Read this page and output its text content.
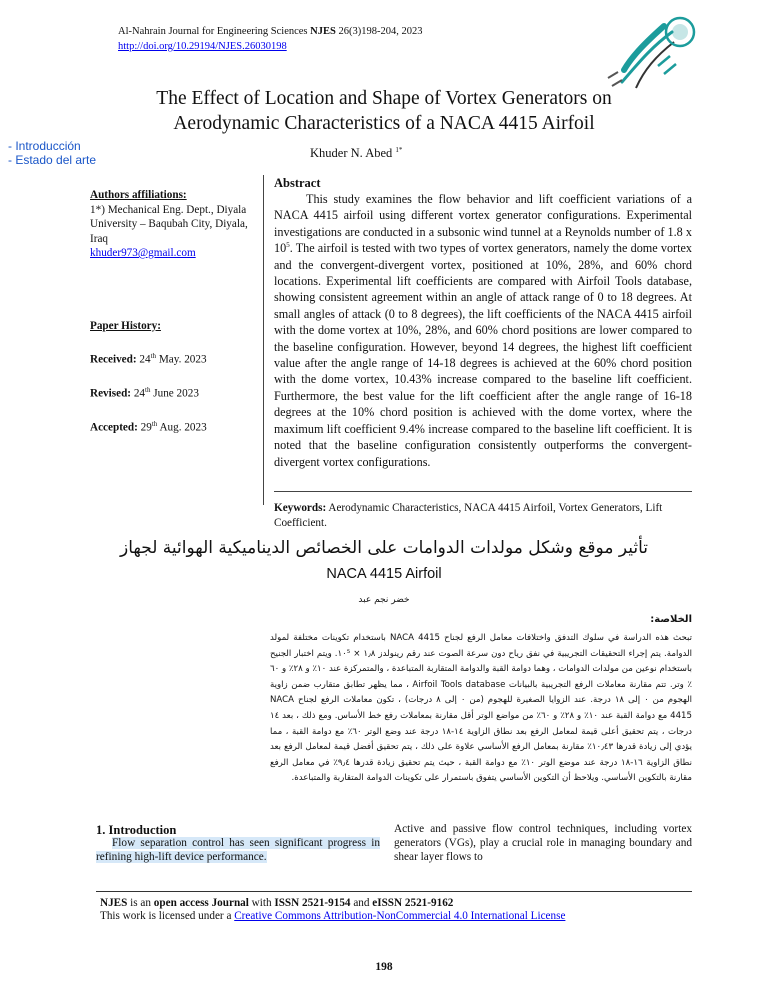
Al-Nahrain Journal for Engineering Sciences NJES 26(3)198-204, 2023
http://doi.org/10.29194/NJES.26030198
The Effect of Location and Shape of Vortex Generators on
Aerodynamic Characteristics of a NACA 4415 Airfoil
- Introducción
- Estado del arte	Khuder N. Abed $^{1*}$
Authors affiliations:
1*) Mechanical Eng. Dept., Diyala University – Baqubah City, Diyala, Iraq
khuder973@gmail.com
Paper History:
Received: 24th May. 2023
Revised: 24th June 2023
Accepted: 29th Aug. 2023
Abstract
This study examines the flow behavior and lift coefficient variations of a NACA 4415 airfoil using different vortex generator configurations. Experimental investigations are conducted in a subsonic wind tunnel at a Reynolds number of 1.8 x $10^5$. The airfoil is tested with two types of vortex generators, namely the dome vortex and the convergent-divergent vortex, positioned at 10%, 28%, and 60% chord locations. Experimental lift coefficients are compared with Airfoil Tools database, showing consistent agreement within an angle of attack range of 0 to 18 degrees. At small angles of attack (0 to 8 degrees), the lift coefficients of the NACA 4415 airfoil with the dome vortex at 10%, 28%, and 60% chord positions are lower compared to the baseline configuration. However, beyond 14 degrees, the highest lift coefficient value after the angle range of 14-18 degrees is achieved at the 60% chord position with the dome vortex, 10.43% increase compared to the baseline lift coefficient. Furthermore, the best value for the lift coefficient after the angle range of 16-18 degrees at the 10% chord position is achieved with the dome vortex, where the maximum lift coefficient 9.4% increase compared to the baseline lift coefficient. It is noted that the baseline configuration consistently outperforms the convergent-divergent vortex configurations.
Keywords: Aerodynamic Characteristics, NACA 4415 Airfoil, Vortex Generators, Lift Coefficient.
تأثير موقع وشكل مولدات الدوامات على الخصائص الديناميكية الهوائية لجهاز
NACA 4415 Airfoil
خضر نجم عبد
الخلاصة:
تبحث هذه الدراسة في سلوك التدفق واختلافات معامل الرفع لجناح NACA 4415 باستخدام تكوينات مختلفة لمولد الدوامة. يتم إجراء التحقيقات التجريبية في نفق رياح دون سرعة الصوت عند رقم رينولدز ١٫٨ × ١٠⁵. ويتم اختبار الجنيح باستخدام نوعين من مولدات الدوامات ، وهما دوامة القبة والدوامة المتقاربة المتباعدة ، والمتمركزة عند ١٠٪ و ٢٨٪ و ٦٠ ٪ وتر. تتم مقارنة معاملات الرفع التجريبية بالبيانات Airfoil Tools database ، مما يظهر تطابق متقارب ضمن زاوية الهجوم من ٠ إلى ١٨ درجة. عند الزوايا الصغيرة للهجوم (من ٠ إلى ٨ درجات) ، تكون معاملات الرفع لجناح NACA 4415 مع دوامة القبة عند ١٠٪ و ٢٨٪ و ٦٠٪ من مواضع الوتر أقل مقارنة بمعاملات رفع خط الأساس. ومع ذلك ، بعد ١٤ درجات ، يتم تحقيق أعلى قيمة لمعامل الرفع بعد نطاق الزاوية ١٤-١٨ درجة عند وضع الوتر ٦٠٪ مع دوامة القبة ، مما يؤدي إلى زيادة قدرها ١٠٫٤٣٪ مقارنة بمعامل الرفع الأساسي علاوة على ذلك ، يتم تحقيق أفضل قيمة لمعامل الرفع بعد نطاق الزاوية ١٦-١٨ درجة عند موضع الوتر ١٠٪ مع دوامة القبة ، حيث يتم تحقيق زيادة قدرها ٩٫٤٪ في معامل الرفع مقارنة بالتكوين الأساسي. ويلاحظ أن التكوين الأساسي يتفوق باستمرار على تكوينات الدوامة المتقاربة والمتباعدة.
1. Introduction
Flow separation control has seen significant progress in refining high-lift device performance.
Active and passive flow control techniques, including vortex generators (VGs), play a crucial role in managing boundary and shear layer flows to
NJES is an open access Journal with ISSN 2521-9154 and eISSN 2521-9162
This work is licensed under a Creative Commons Attribution-NonCommercial 4.0 International License
198
